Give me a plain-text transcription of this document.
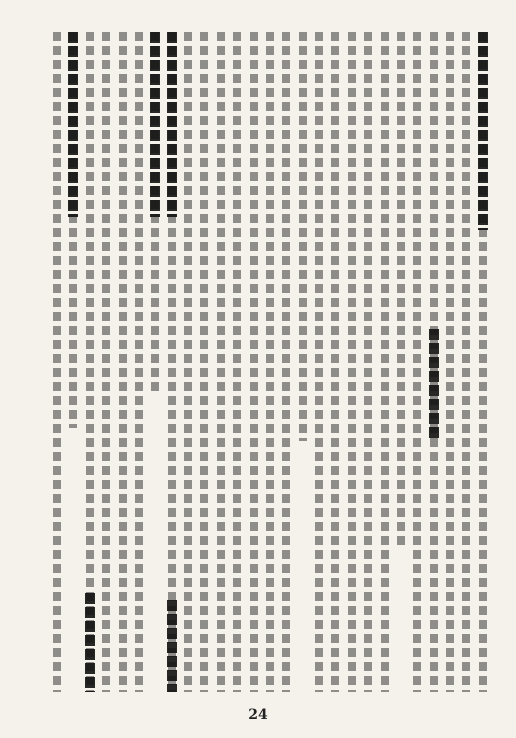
24
